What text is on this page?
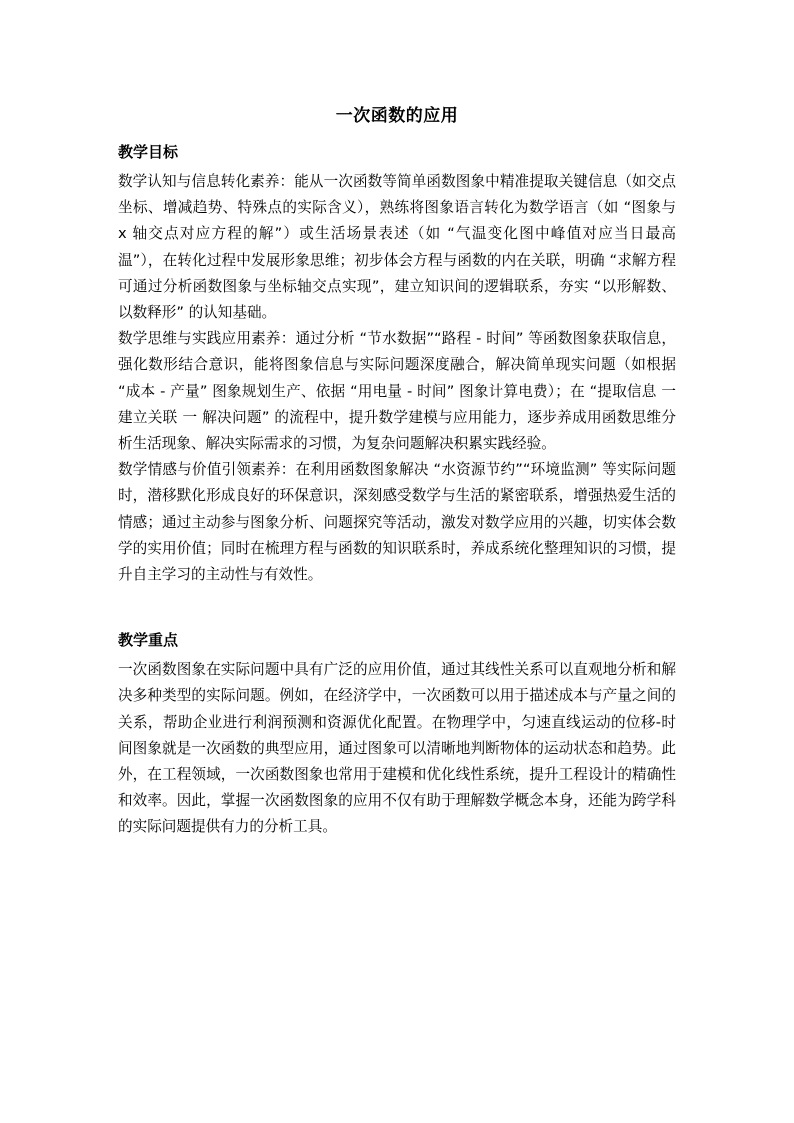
一次函数的应用
教学目标

数学认知与信息转化素养：能从一次函数等简单函数图象中精准提取关键信息（如交点坐标、增减趋势、特殊点的实际含义），熟练将图象语言转化为数学语言（如 “图象与 x 轴交点对应方程的解”）或生活场景表述（如 “气温变化图中峰值对应当日最高温”），在转化过程中发展形象思维；初步体会方程与函数的内在关联，明确 “求解方程可通过分析函数图象与坐标轴交点实现”，建立知识间的逻辑联系，夯实 “以形解数、以数释形” 的认知基础。

数学思维与实践应用素养：通过分析 “节水数据”“路程 - 时间” 等函数图象获取信息，强化数形结合意识，能将图象信息与实际问题深度融合，解决简单现实问题（如根据 “成本 - 产量” 图象规划生产、依据 “用电量 - 时间” 图象计算电费）；在 “提取信息 一 建立关联 一 解决问题” 的流程中，提升数学建模与应用能力，逐步养成用函数思维分析生活现象、解决实际需求的习惯，为复杂问题解决积累实践经验。

数学情感与价值引领素养：在利用函数图象解决 “水资源节约”“环境监测” 等实际问题时，潜移默化形成良好的环保意识，深刻感受数学与生活的紧密联系，增强热爱生活的情感；通过主动参与图象分析、问题探究等活动，激发对数学应用的兴趣，切实体会数学的实用价值；同时在梳理方程与函数的知识联系时，养成系统化整理知识的习惯，提升自主学习的主动性与有效性。

教学重点

一次函数图象在实际问题中具有广泛的应用价值，通过其线性关系可以直观地分析和解决多种类型的实际问题。例如，在经济学中，一次函数可以用于描述成本与产量之间的关系，帮助企业进行利润预测和资源优化配置。在物理学中，匀速直线运动的位移-时间图象就是一次函数的典型应用，通过图象可以清晰地判断物体的运动状态和趋势。此外，在工程领域，一次函数图象也常用于建模和优化线性系统，提升工程设计的精确性和效率。因此，掌握一次函数图象的应用不仅有助于理解数学概念本身，还能为跨学科的实际问题提供有力的分析工具。
